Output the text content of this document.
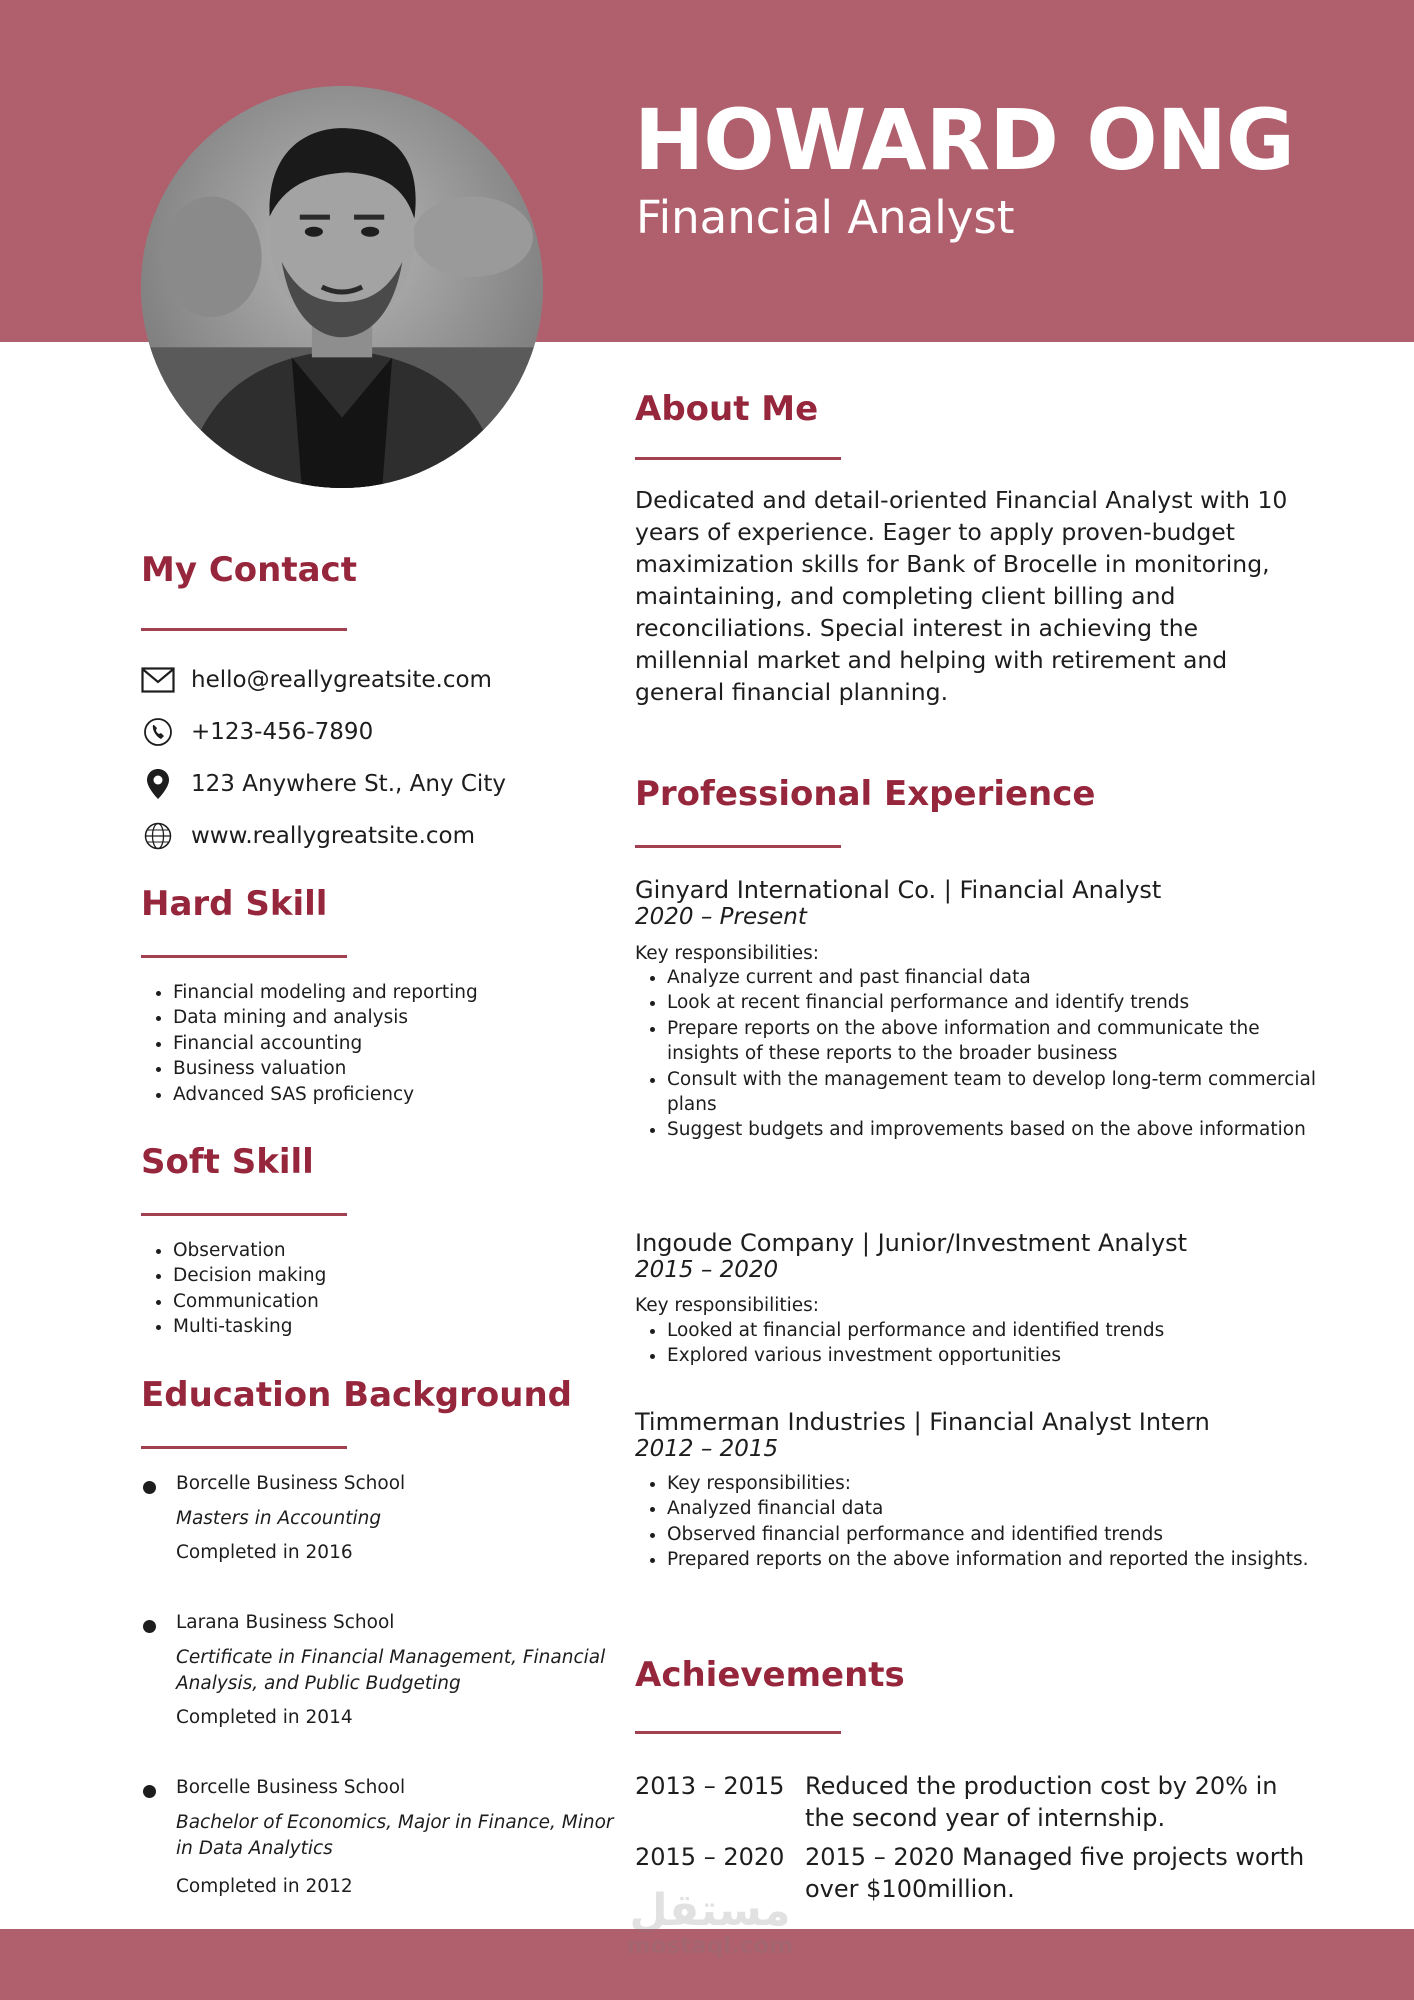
HOWARD ONG
Financial Analyst
My Contact
hello@reallygreatsite.com
+123-456-7890
123 Anywhere St., Any City
www.reallygreatsite.com
Hard Skill
• Financial modeling and reporting
• Data mining and analysis
• Financial accounting
• Business valuation
• Advanced SAS proficiency
Soft Skill
• Observation
• Decision making
• Communication
• Multi-tasking
Education Background
Borcelle Business School
Masters in Accounting
Completed in 2016
Larana Business School
Certificate in Financial Management, Financial Analysis, and Public Budgeting
Completed in 2014
Borcelle Business School
Bachelor of Economics, Major in Finance, Minor in Data Analytics
Completed in 2012
About Me

Dedicated and detail-oriented Financial Analyst with 10 years of experience. Eager to apply proven-budget maximization skills for Bank of Brocelle in monitoring, maintaining, and completing client billing and reconciliations. Special interest in achieving the millennial market and helping with retirement and general financial planning.

Professional Experience
Ginyard International Co. | Financial Analyst
2020 – Present
Key responsibilities:
• Analyze current and past financial data
• Look at recent financial performance and identify trends
• Prepare reports on the above information and communicate the insights of these reports to the broader business
• Consult with the management team to develop long-term commercial plans
• Suggest budgets and improvements based on the above information
Ingoude Company | Junior/Investment Analyst
2015 – 2020
Key responsibilities:
• Looked at financial performance and identified trends
• Explored various investment opportunities
Timmerman Industries | Financial Analyst Intern
2012 – 2015
• Key responsibilities:
• Analyzed financial data
• Observed financial performance and identified trends
• Prepared reports on the above information and reported the insights.
Achievements
2013 – 2015 Reduced the production cost by 20% in the second year of internship.
2015 – 2020 2015 – 2020 Managed five projects worth over $100million.
مستقل
mostaql.com
